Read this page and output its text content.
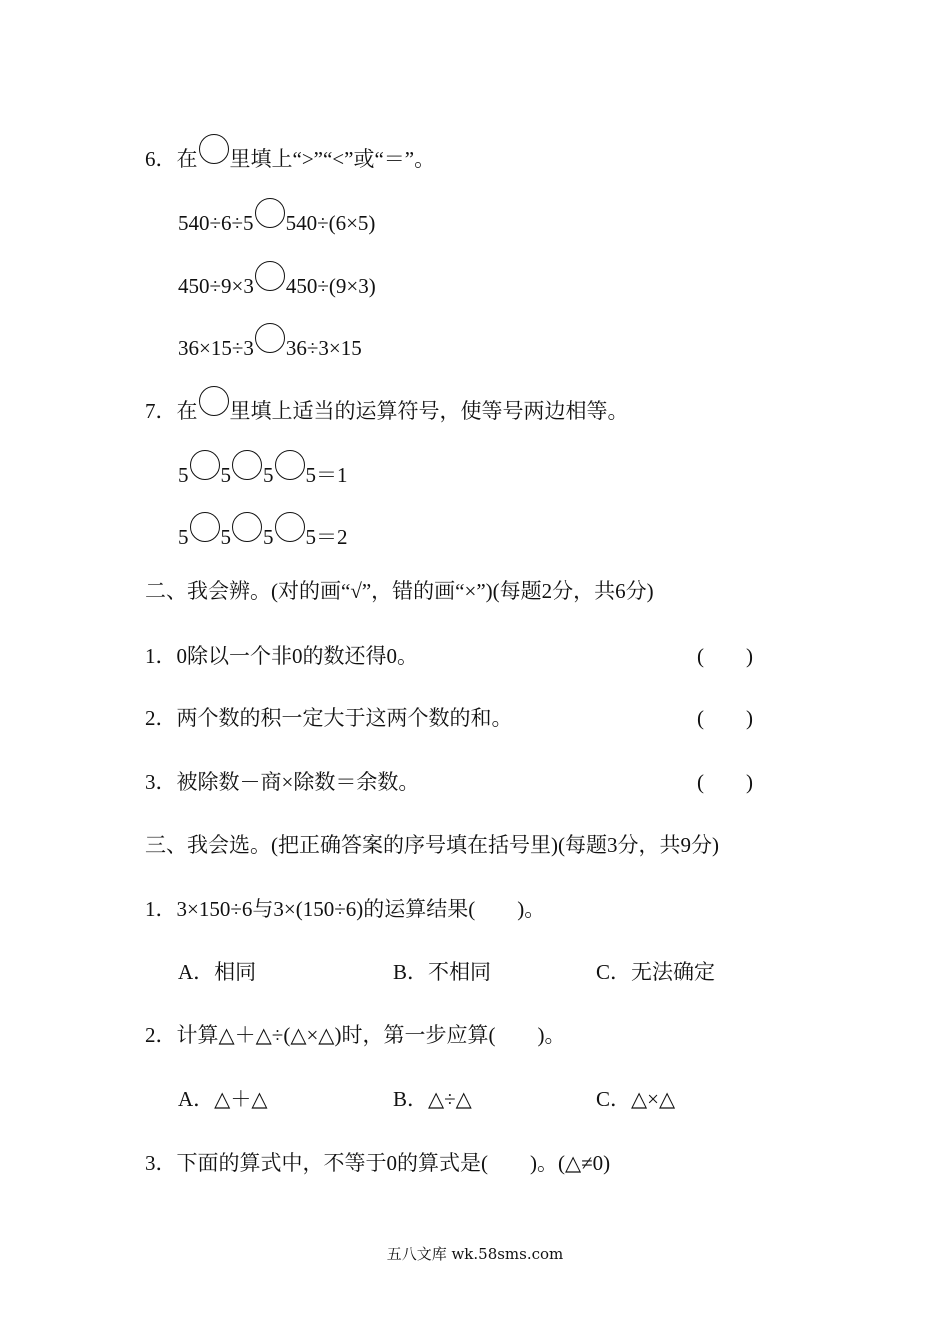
6．在 里填上“>”“<”或“＝”。
540÷6÷5 540÷(6×5)
450÷9×3 450÷(9×3)
36×15÷3 36÷3×15
7．在 里填上适当的运算符号，使等号两边相等。
5 5 5 5＝1
5 5 5 5＝2
二、我会辨。(对的画“√”，错的画“×”)(每题2分，共6分)
1．0除以一个非0的数还得0。	(　　)
2．两个数的积一定大于这两个数的和。	(　　)
3．被除数－商×除数＝余数。	(　　)
三、我会选。(把正确答案的序号填在括号里)(每题3分，共9分)
1．3×150÷6与3×(150÷6)的运算结果(　　)。
A．相同	B．不相同	C．无法确定
2．计算△＋△÷(△×△)时，第一步应算(　　)。
A．△＋△	B．△÷△	C．△×△
3．下面的算式中，不等于0的算式是(　　)。(△≠0)
五八文库 wk.58sms.com
